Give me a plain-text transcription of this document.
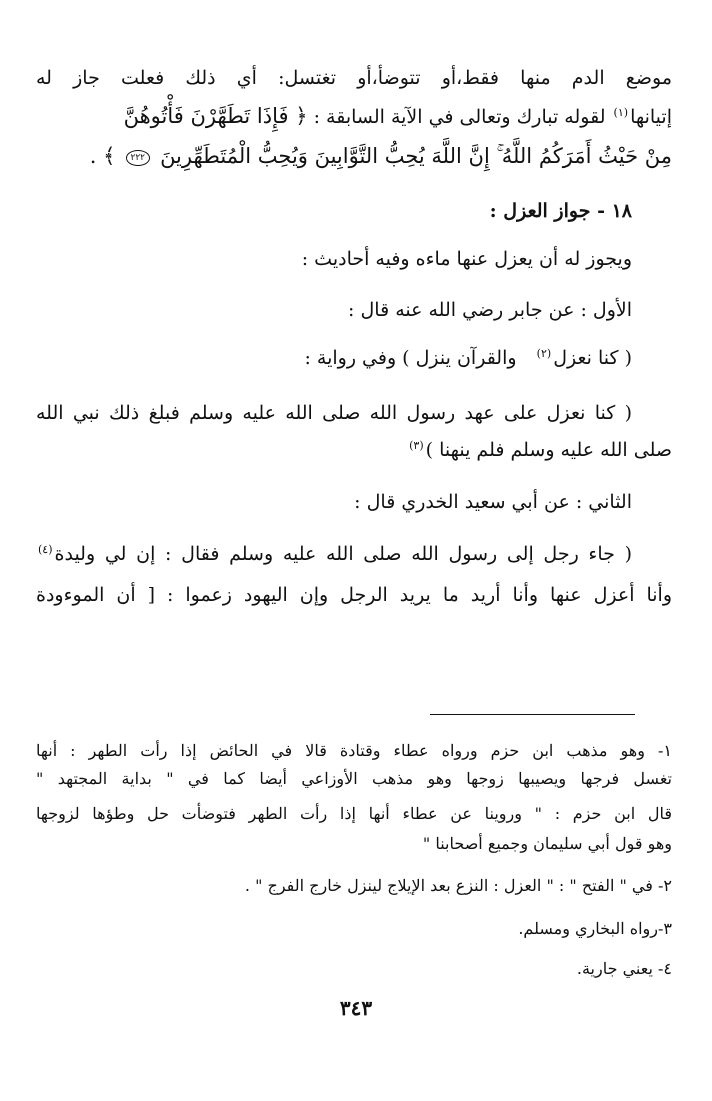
موضع الدم منها فقط،أو تتوضأ،أو تغتسل: أي ذلك فعلت جاز له
إتيانها$^{(١)}$ لقوله تبارك وتعالى في الآية السابقة : ﴿ فَإِذَا تَطَهَّرْنَ فَأْتُوهُنَّ
مِنْ حَيْثُ أَمَرَكُمُ اللَّهُ ۚ إِنَّ اللَّهَ يُحِبُّ التَّوَّابِينَ وَيُحِبُّ الْمُتَطَهِّرِينَ ٢٢٢ ﴾ .
١٨ - جواز العزل :
ويجوز له أن يعزل عنها ماءه وفيه أحاديث :
الأول : عن جابر رضي الله عنه قال :
( كنا نعزل$^{(٢)}$   والقرآن ينزل ) وفي رواية :
( كنا نعزل على عهد رسول الله صلى الله عليه وسلم فبلغ ذلك نبي الله
صلى الله عليه وسلم فلم ينهنا )$^{(٣)}$
الثاني : عن أبي سعيد الخدري قال :
( جاء رجل إلى رسول الله صلى الله عليه وسلم فقال : إن لي وليدة$^{(٤)}$
وأنا أعزل عنها وأنا أريد ما يريد الرجل وإن اليهود زعموا : [ أن الموءودة
١- وهو مذهب ابن حزم ورواه عطاء وقتادة قالا في الحائض إذا رأت الطهر : أنها
تغسل فرجها ويصيبها زوجها وهو مذهب الأوزاعي أيضا كما في " بداية المجتهد "
قال ابن حزم : " وروينا عن عطاء أنها إذا رأت الطهر فتوضأت حل وطؤها لزوجها
وهو قول أبي سليمان وجميع أصحابنا "
٢- في " الفتح " : " العزل : النزع بعد الإيلاج لينزل خارج الفرج " .
٣-رواه البخاري ومسلم.
٤- يعني جارية.
٣٤٣
